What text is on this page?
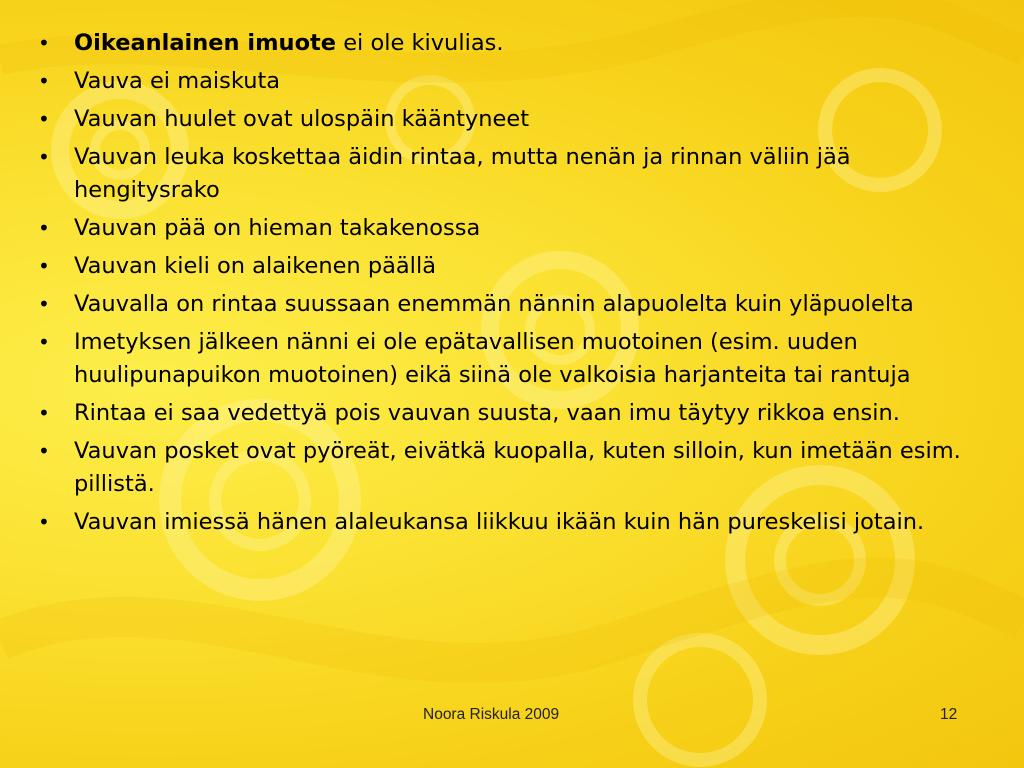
•	Oikeanlainen imuote ei ole kivulias.
•	Vauva ei maiskuta
•	Vauvan huulet ovat ulospäin kääntyneet
•	Vauvan leuka koskettaa äidin rintaa, mutta nenän ja rinnan väliin jää hengitysrako
•	Vauvan pää on hieman takakenossa
•	Vauvan kieli on alaikenen päällä
•	Vauvalla on rintaa suussaan enemmän nännin alapuolelta kuin yläpuolelta
•	Imetyksen jälkeen nänni ei ole epätavallisen muotoinen (esim. uuden huulipunapuikon muotoinen) eikä siinä ole valkoisia harjanteita tai rantuja
•	Rintaa ei saa vedettyä pois vauvan suusta, vaan imu täytyy rikkoa ensin.
•	Vauvan posket ovat pyöreät, eivätkä kuopalla, kuten silloin, kun imetään esim. pillistä.
•	Vauvan imiessä hänen alaleukansa liikkuu ikään kuin hän pureskelisi jotain.
Noora Riskula 2009	12
